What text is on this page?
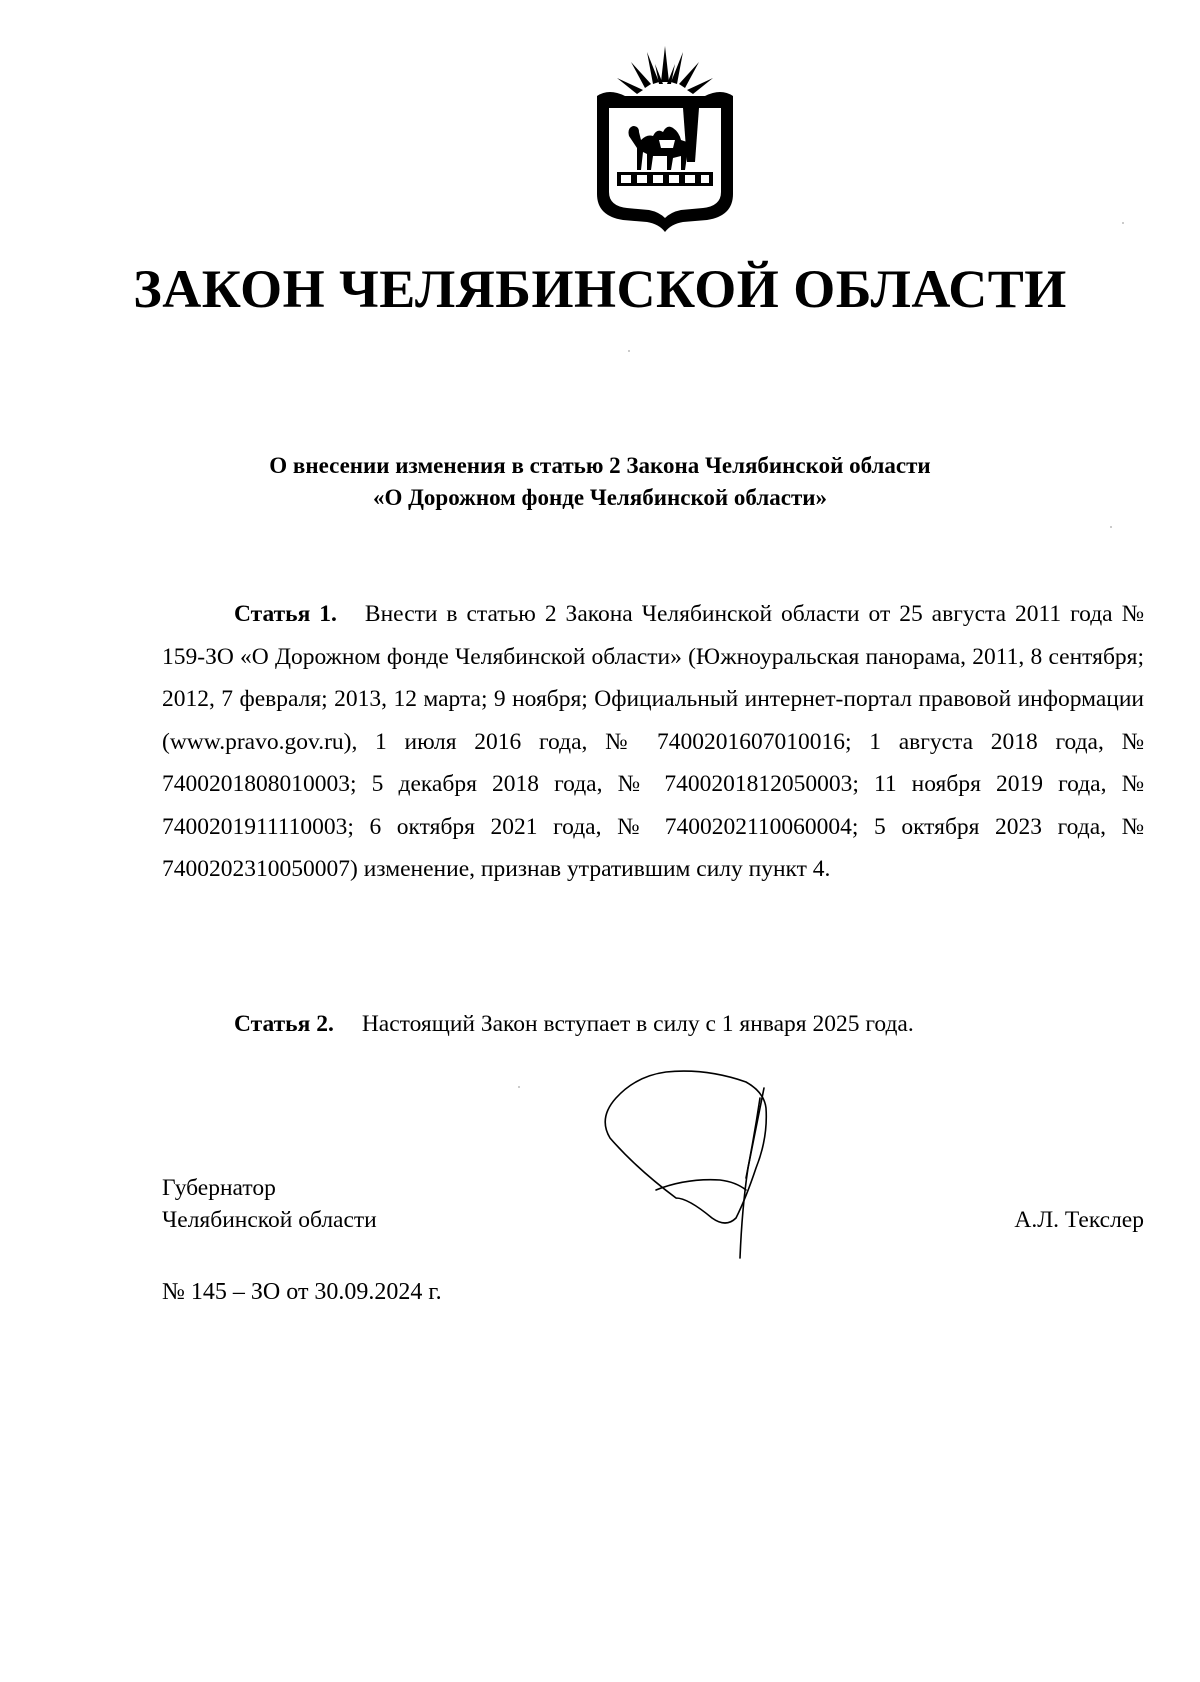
ЗАКОН ЧЕЛЯБИНСКОЙ ОБЛАСТИ
О внесении изменения в статью 2 Закона Челябинской области
«О Дорожном фонде Челябинской области»
Статья 1. Внести в статью 2 Закона Челябинской области от 25 августа 2011 года № 159-ЗО «О Дорожном фонде Челябинской области» (Южноуральская панорама, 2011, 8 сентября; 2012, 7 февраля; 2013, 12 марта; 9 ноября; Официальный интернет-портал правовой информации (www.pravo.gov.ru), 1 июля 2016 года, № 7400201607010016; 1 августа 2018 года, № 7400201808010003; 5 декабря 2018 года, № 7400201812050003; 11 ноября 2019 года, № 7400201911110003; 6 октября 2021 года, № 7400202110060004; 5 октября 2023 года, № 7400202310050007) изменение, признав утратившим силу пункт 4.
Статья 2. Настоящий Закон вступает в силу с 1 января 2025 года.
Губернатор
Челябинской области	А.Л. Текслер
№ 145 – ЗО от 30.09.2024 г.
